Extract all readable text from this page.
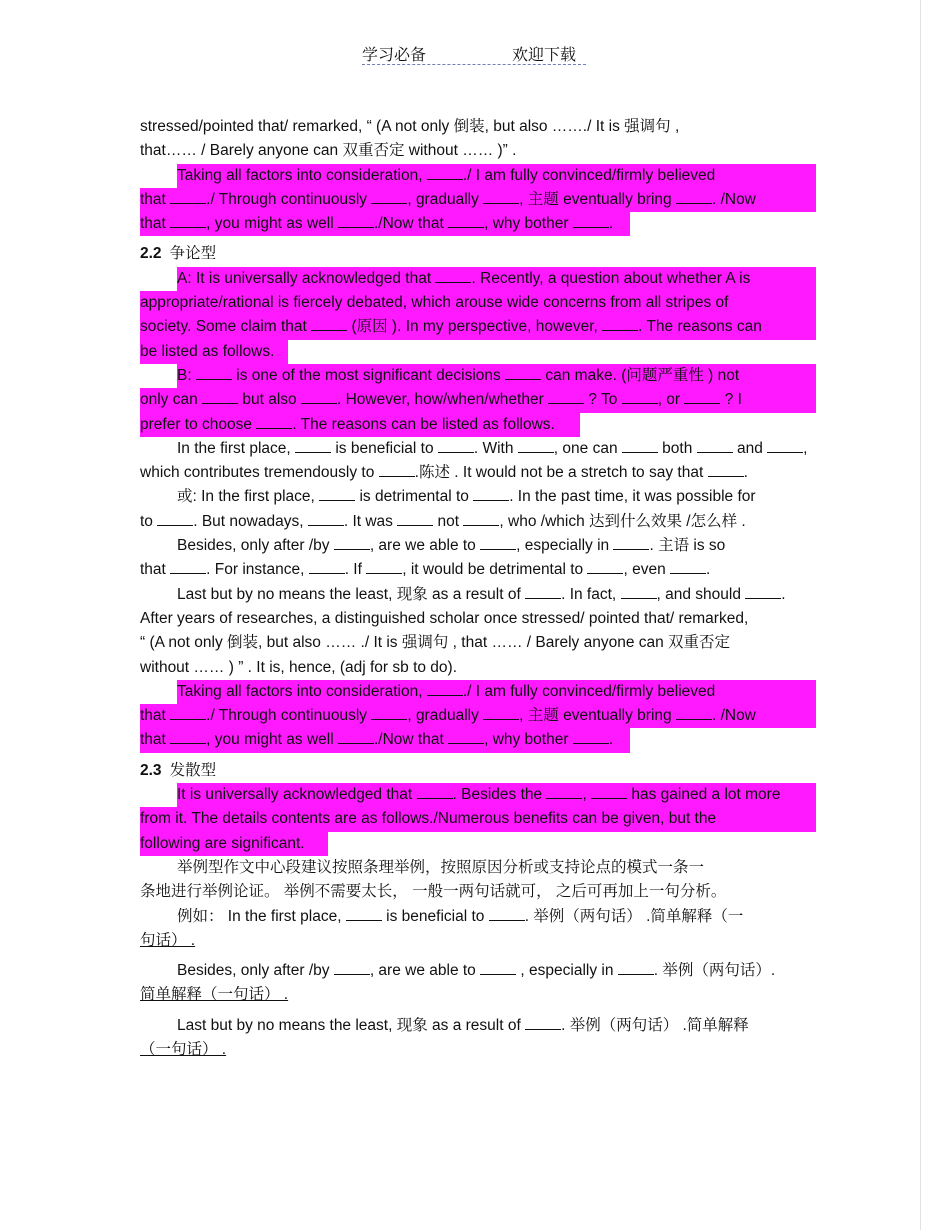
学习必备	欢迎下载
stressed/pointed that/ remarked, “ (A not only 倒装, but also ……./ It is 强调句 ,
that…… / Barely anyone can 双重否定 without …… )” .
Taking all factors into consideration, ./ I am fully convinced/firmly believed
that ./ Through continuously , gradually , 主题 eventually bring . /Now
that , you might as well ./Now that , why bother .
2.2 争论型
A: It is universally acknowledged that . Recently, a question about whether A is
appropriate/rational is fiercely debated, which arouse wide concerns from all stripes of
society. Some claim that  (原因 ). In my perspective, however, . The reasons can
be listed as follows.
B:  is one of the most significant decisions  can make. (问题严重性 ) not
only can  but also . However, how/when/whether  ? To , or  ? I
prefer to choose . The reasons can be listed as follows.
In the first place,  is beneficial to . With , one can  both  and ,
which contributes tremendously to .陈述 . It would not be a stretch to say that .
或: In the first place,  is detrimental to . In the past time, it was possible for
to . But nowadays, . It was  not , who /which 达到什么效果 /怎么样 .
Besides, only after /by , are we able to , especially in . 主语 is so
that . For instance, . If , it would be detrimental to , even .
Last but by no means the least, 现象 as a result of . In fact, , and should .
After years of researches, a distinguished scholar once stressed/ pointed that/ remarked,
“ (A not only 倒装, but also …… ./ It is 强调句 , that …… / Barely anyone can 双重否定
without …… ) ” . It is, hence, (adj for sb to do).
Taking all factors into consideration, ./ I am fully convinced/firmly believed
that ./ Through continuously , gradually , 主题 eventually bring . /Now
that , you might as well ./Now that , why bother .
2.3 发散型
It is universally acknowledged that . Besides the ,  has gained a lot more
from it. The details contents are as follows./Numerous benefits can be given, but the
following are significant.
举例型作文中心段建议按照条理举例，按照原因分析或支持论点的模式一条一
条地进行举例论证。 举例不需要太长， 一般一两句话就可， 之后可再加上一句分析。
例如： In the first place,  is beneficial to . 举例（两句话） .简单解释（一
句话） .
Besides, only after /by , are we able to  , especially in . 举例（两句话）.
简单解释（一句话） .
Last but by no means the least, 现象 as a result of . 举例（两句话） .简单解释
（一句话） .
